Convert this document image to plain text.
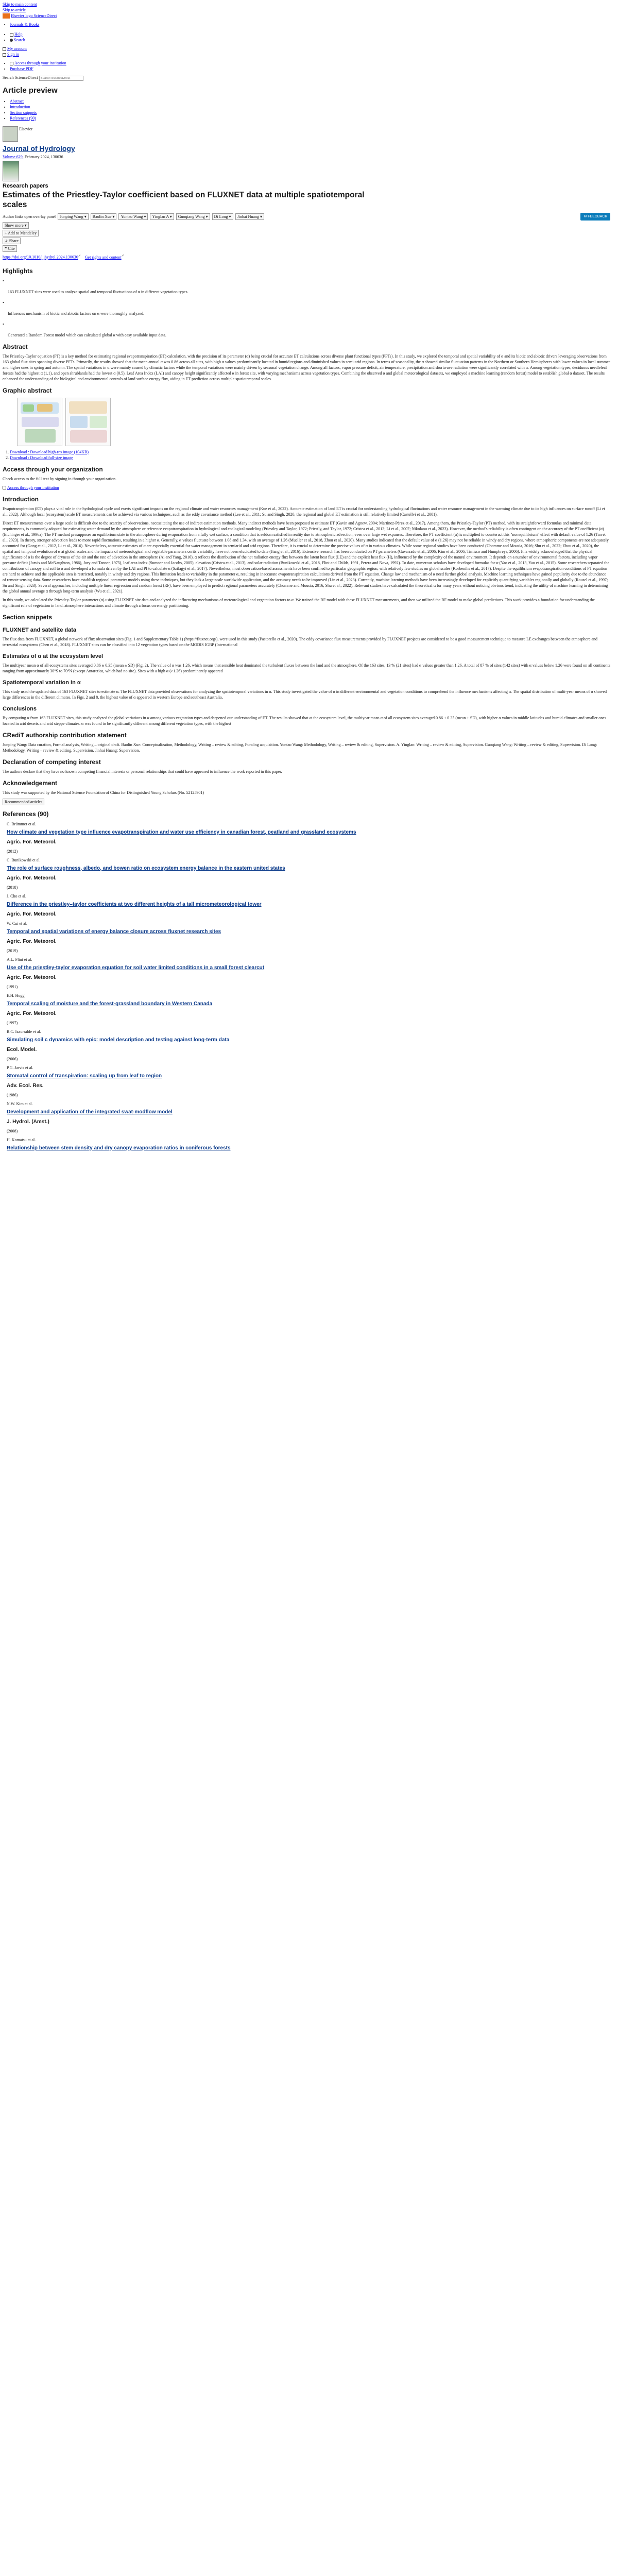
Skip to main content
Skip to article
Elsevier logo ScienceDirect
• Journals & Books
• Help
• Search
My account
Sign in
• Access through your institution
• Purchase PDF
Search ScienceDirect Search ScienceDirect
Article preview
• Abstract
• Introduction
• Section snippets
• References (90)
Elsevier
Journal of Hydrology
Volume 629, February 2024, 130636
Research papers
Estimates of the Priestley-Taylor coefficient based on FLUXNET data at multiple spatiotemporal scales
Author links open overlay panel	Junping Wang ▾	Baolin Xue ▾	Yuntao Wang ▾	Yinglan A ▾	Guoqiang Wang ▾	Di Long ▾	Jinhai Huang ▾	✉ FEEDBACK
Show more ▾
+ Add to Mendeley
⤴ Share
❝ Cite
https://doi.org/10.1016/j.jhydrol.2024.130636↗ Get rights and content↗
Highlights
•

163 FLUXNET sites were used to analyze spatial and temporal fluctuations of α in different vegetation types.

•

Influences mechanism of biotic and abiotic factors on α were thoroughly analyzed.

•

Generated a Random Forest model which can calculated global α with easy available input data.

Abstract

The Priestley-Taylor equation (PT) is a key method for estimating regional evapotranspiration (ET) calculation, with the precision of its parameter (α) being crucial for accurate ET calculations across diverse plant functional types (PFTs). In this study, we explored the temporal and spatial variability of α and its biotic and abiotic drivers leveraging observations from 163 global flux sites spanning diverse PFTs. Primarily, the results showed that the mean annual α was 0.86 across all sites, with high α values predominantly located in humid regions and diminished values in semi-arid regions. In terms of seasonality, the α showed similar fluctuation patterns in the Northern or Southern Hemispheres with lower values in local summer and higher ones in spring and autumn. The spatial variations in α were mainly caused by climatic factors while the temporal variations were mainly driven by seasonal vegetation change. Among all factors, vapor pressure deficit, air temperature, precipitation and shortwave radiation were significantly correlated with α. Among vegetation types, deciduous needleleaf forests had the highest α (1.1), and open shrublands had the lowest α (0.5). Leaf Area Index (LAI) and canopy height significantly affected α in forest site, with varying mechanisms across vegetation types. Combining the observed α and global meteorological datasets, we employed a machine learning (random forest) model to establish global α dataset. The results enhanced the understanding of the biological and environmental controls of land surface energy flux, aiding in ET prediction across multiple spatiotemporal scales.

Graphic abstract
1. Download : Download high-res image (104KB)
2. Download : Download full-size image
Access through your organization

Check access to the full text by signing in through your organization.

Access through your institution
Introduction

Evapotranspiration (ET) plays a vital role in the hydrological cycle and exerts significant impacts on the regional climate and water resources management (Kue et al., 2022). Accurate estimation of land ET is crucial for understanding hydrological fluctuations and water resource management in the warming climate due to its high influences on surface runoff (Li et al., 2022). Although local (ecosystem) scale ET measurements can be achieved via various techniques, such as the eddy covariance method (Lee et al., 2011; Su and Singh, 2020; the regional and global ET estimation is still relatively limited (Castellvi et al., 2001).

Direct ET measurements over a large scale is difficult due to the scarcity of observations, necessitating the use of indirect estimation methods. Many indirect methods have been proposed to estimate ET (Gavin and Agnew, 2004; Martínez-Pérez et al., 2017). Among them, the Priestley-Taylor (PT) method, with its straightforward formulas and minimal data requirements, is commonly adopted for estimating water demand by the atmosphere or reference evapotranspiration in hydrological and ecological modeling (Priestley and Taylor, 1972; Priestly, and Taylor, 1972; Cristea et al., 2013; Li et al., 2007; Nikolaou et al., 2023). However, the method's reliability is often contingent on the accuracy of the PT coefficient (α) (Eichinger et al., 1996a). The PT method presupposes an equilibrium state in the atmosphere during evaporation from a fully wet surface, a condition that is seldom satisfied in reality due to atmospheric advection, even over large wet expanses. Therefore, the PT coefficient (α) is multiplied to counteract this "nonequilibrium" effect with default value of 1.26 (Tan et al., 2023). In theory, stronger advection leads to more rapid fluctuations, resulting in a higher α. Generally, α values fluctuate between 1.08 and 1.34, with an average of 1.26 (Mueller et al., 2018, Zhou et al., 2020). Many studies indicated that the default value of α (1.26) may not be reliable in windy and dry regions, where atmospheric components are not adequately accounted for (Gong et al., 2012, Li et al., 2016). Nevertheless, accurate estimates of α are especially essential for water management in semiarid and arid regions. Therefore, it is crucial to determine the precise values of α in various climates. While some regional studies have been conducted (Chomme and Mousia, 2016; Shu et al., 2022; Zhou et al., 2020), the spatial and temporal evolution of α at global scales and the impacts of meteorological and vegetable parameters on its variability have not been elucidated to date (Jiang et al., 2016). Extensive research has been conducted on PT parameters (Gavarrado et al., 2006; Kim et al., 2006; Timisco and Humphreys, 2006). It is widely acknowledged that the physical significance of α is the degree of dryness of the air and the rate of advection in the atmosphere (Ai and Yang, 2016). α reflects the distribution of the net radiation energy flux between the latent heat flux (LE) and the explicit heat flux (H), influenced by the complexity of the natural environment. It depends on a number of environmental factors, including vapor pressure deficit (Jarvis and McNaughton, 1986), Jury and Tanner, 1975), leaf area index (Sumner and Jacobs, 2005), elevation (Cristea et al., 2013), and solar radiation (Bunikowski et al., 2018, Flint and Childs, 1991, Perera and Nova, 1992). To date, numerous scholars have developed formulas for α (Yao et al., 2013, Yao et al., 2015). Some researchers separated the contributions of canopy and soil to α and developed a formula driven by the LAI and PI to calculate α (Szilagyi et al., 2017). Nevertheless, most observation-based assessments have been confined to particular geographic region, with relatively few studies on global scales (Korbenilis et al., 2017). Despite the equilibrium evapotranspiration conditions of PT equation are hard to achieve and the applicable area is restricted, notably in windy and dry regions. This limitation leads to variability in the parameter α, resulting in inaccurate evapotranspiration calculations derived from the PT equation. Change law and mechanism of α need further global analysis. Machine learning techniques have gained popularity due to the abundance of remote sensing data. Some researchers have establish regional parameter models using these techniques, but they lack a large-scale worldwide application, and the accuracy needs to be improved (Lin et al., 2023). Currently, machine learning methods have been increasingly developed for explicitly quantifying variables regionally and globally (Rousel et al., 1997; Su and Singh, 2023). Several approaches, including multiple linear regression and random forest (RF), have been employed to predict regional parameters accurately (Chomme and Mousia, 2016, Shu et al., 2022). Relevant studies have calculated the theoretical α for many years without noticing obvious trend, indicating the utility of machine learning in determining the global annual average α through long-term analysis (Wu et al., 2021).

In this study, we calculated the Priestley-Taylor parameter (α) using FLUXNET site data and analyzed the influencing mechanisms of meteorological and vegetation factors to α. We trained the RF model with these FLUXNET measurements, and then we utilized the RF model to make global predictions. This work provides a foundation for understanding the significant role of vegetation in land–atmosphere interactions and climate through a focus on energy partitioning.

Section snippets
FLUXNET and satellite data

The flux data from FLUXNET, a global network of flux observation sites (Fig. 1 and Supplementary Table 1) (https://fluxnet.org/), were used in this study (Pastorello et al., 2020). The eddy covariance flux measurements provided by FLUXNET projects are considered to be a good measurement technique to measure LE exchanges between the atmosphere and terrestrial ecosystems (Chen et al., 2018). FLUXNET sites can be classified into 12 vegetation types based on the MODIS IGBP (International

Estimates of α at the ecosystem level

The multiyear mean α of all ecosystems sites averaged 0.86 ± 0.35 (mean ± SD) (Fig. 2). The value of α was 1.26, which means that sensible heat dominated the turbulent fluxes between the land and the atmosphere. Of the 163 sites, 13 % (21 sites) had α values greater than 1.26. A total of 87 % of sites (142 sites) with α values below 1.26 were found on all continents ranging from approximately 30°S to 70°N (except Antarctica, which had no site). Sites with a high α (>1.26) predominantly appeared

Spatiotemporal variation in α

This study used the updated data of 163 FLUXNET sites to estimate α. The FLUXNET data provided observations for analyzing the spatiotemporal variations in α. This study investigated the value of α in different environmental and vegetation conditions to comprehend the influence mechanisms affecting α. The spatial distribution of multi-year means of α showed large differences in the different climates. In Figs. 2 and 8, the highest value of α appeared in western Europe and southeast Australia,

Conclusions

By computing α from 163 FLUXNET sites, this study analyzed the global variations in α among various vegetation types and deepened our understanding of ET. The results showed that at the ecosystem level, the multiyear mean α of all ecosystem sites averaged 0.86 ± 0.35 (mean ± SD), with higher α values in middle latitudes and humid climates and smaller ones located in arid deserts and arid steppe climates. α was found to be significantly different among different vegetation types, with the highest

CRediT authorship contribution statement

Junping Wang: Data curation, Formal analysis, Writing – original draft. Baolin Xue: Conceptualization, Methodology, Writing – review & editing, Funding acquisition. Yuntao Wang: Methodology, Writing – review & editing, Supervision. A. Yinglan: Writing – review & editing, Supervision. Guoqiang Wang: Writing – review & editing, Supervision. Di Long: Methodology, Writing – review & editing, Supervision. Jinhai Huang: Supervision.

Declaration of competing interest

The authors declare that they have no known competing financial interests or personal relationships that could have appeared to influence the work reported in this paper.

Acknowledgement

This study was supported by the National Science Foundation of China for Distinguished Young Scholars (No. 52125901)

Recommended articles
References (90)
C. Brümmer et al.
How climate and vegetation type influence evapotranspiration and water use efficiency in canadian forest, peatland and grassland ecosystems
Agric. For. Meteorol.
(2012)
C. Bunikowski et al.
The role of surface roughness, albedo, and bowen ratio on ecosystem energy balance in the eastern united states
Agric. For. Meteorol.
(2018)
J. Cho et al.
Difference in the priestley–taylor coefficients at two different heights of a tall micrometeorological tower
Agric. For. Meteorol.
W. Cui et al.
Temporal and spatial variations of energy balance closure across fluxnet research sites
Agric. For. Meteorol.
(2019)
A.L. Flint et al.
Use of the priestley-taylor evaporation equation for soil water limited conditions in a small forest clearcut
Agric. For. Meteorol.
(1991)
E.H. Hogg
Temporal scaling of moisture and the forest-grassland boundary in Western Canada
Agric. For. Meteorol.
(1997)
R.C. Izaurralde et al.
Simulating soil c dynamics with epic: model description and testing against long-term data
Ecol. Model.
(2006)
P.G. Jarvis et al.
Stomatal control of transpiration: scaling up from leaf to region
Adv. Ecol. Res.
(1986)
N.W. Kim et al.
Development and application of the integrated swat-modflow model
J. Hydrol. (Amst.)
(2008)
H. Komatsu et al.
Relationship between stem density and dry canopy evaporation ratios in coniferous forests
